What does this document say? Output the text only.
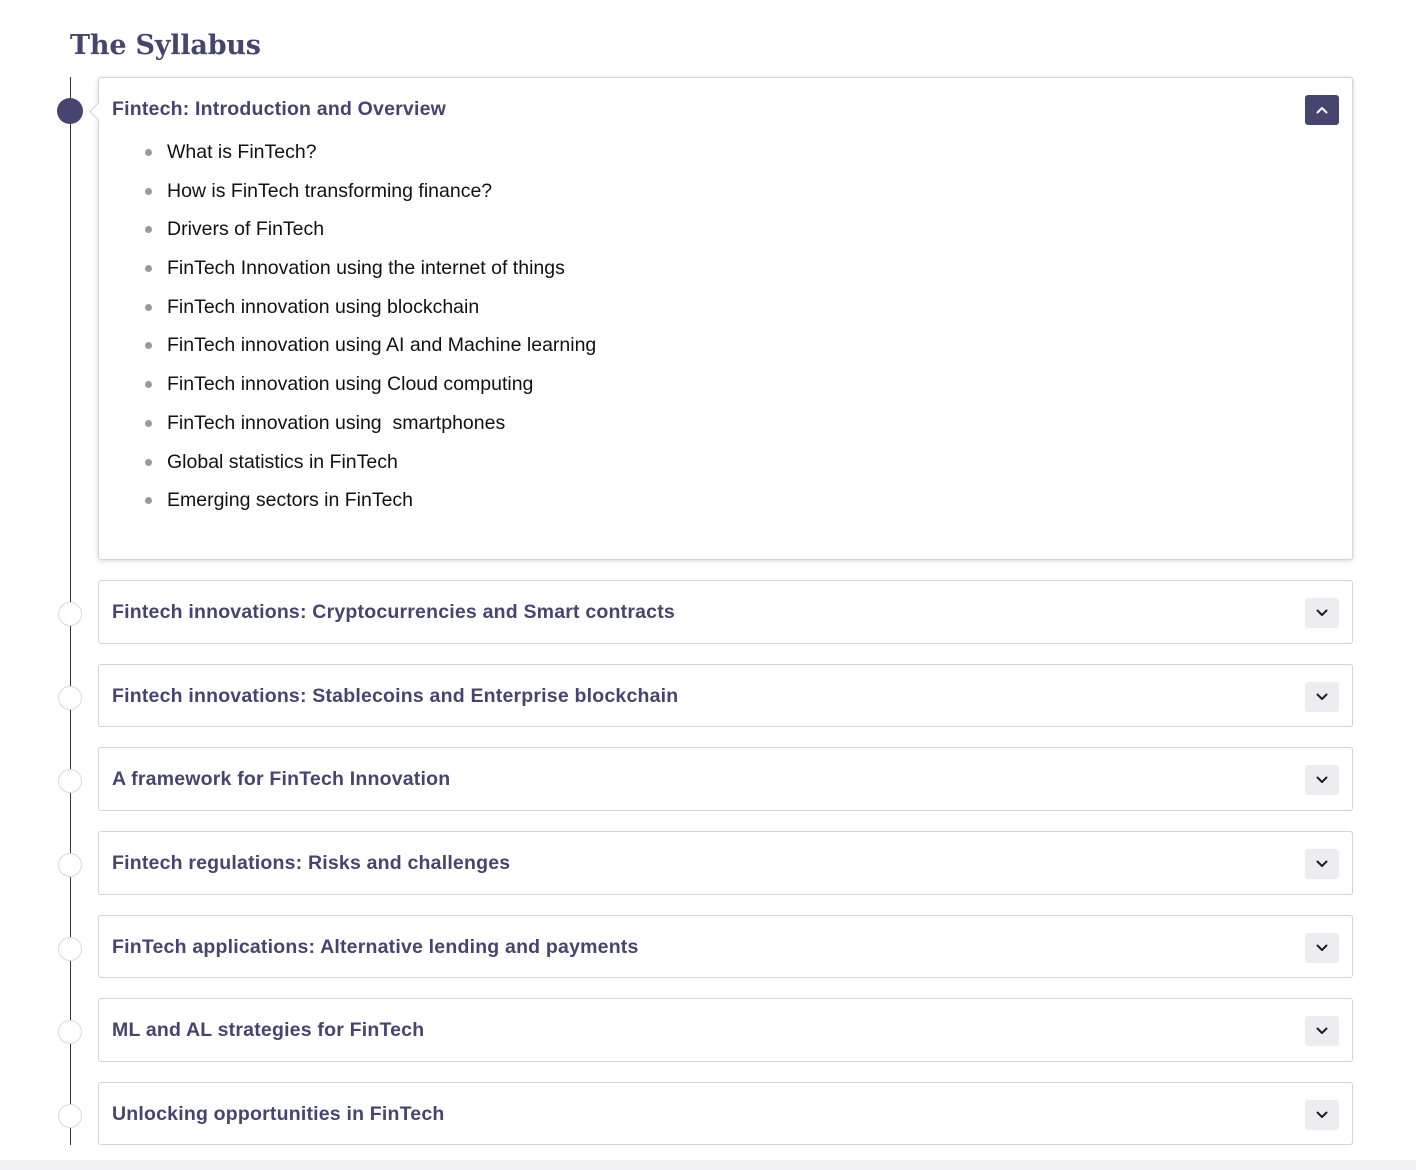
The Syllabus
Fintech: Introduction and Overview
What is FinTech?
How is FinTech transforming finance?
Drivers of FinTech
FinTech Innovation using the internet of things
FinTech innovation using blockchain
FinTech innovation using AI and Machine learning
FinTech innovation using Cloud computing
FinTech innovation using  smartphones
Global statistics in FinTech
Emerging sectors in FinTech
Fintech innovations: Cryptocurrencies and Smart contracts
Fintech innovations: Stablecoins and Enterprise blockchain
A framework for FinTech Innovation
Fintech regulations: Risks and challenges
FinTech applications: Alternative lending and payments
ML and AL strategies for FinTech
Unlocking opportunities in FinTech
